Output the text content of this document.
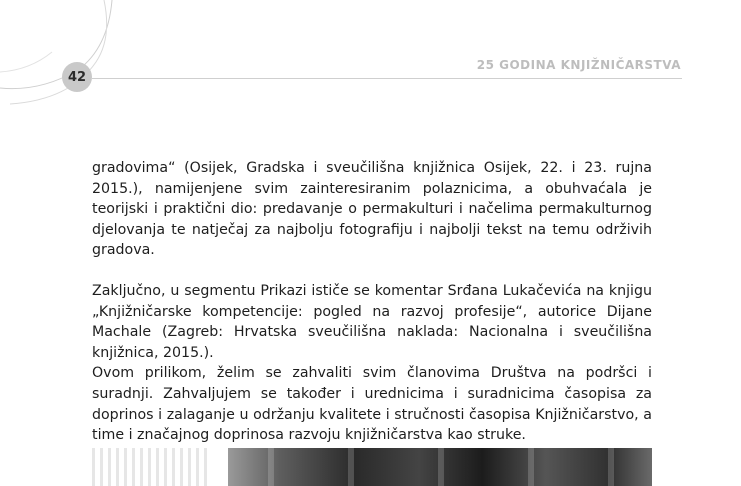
42
25 GODINA KNJIŽNIČARSTVA

gradovima“ (Osijek, Gradska i sveučilišna knjižnica Osijek, 22. i 23. rujna 2015.), namijenjene svim zainteresiranim polaznicima, a obuhvaćala je teorijski i praktični dio: predavanje o permakulturi i načelima permakulturnog djelovanja te natječaj za najbolju fotografiju i najbolji tekst na temu održivih gradova.

Zaključno, u segmentu Prikazi ističe se komentar Srđana Lukačevića na knjigu „Knjižničarske kompetencije: pogled na razvoj profesije“, autorice Dijane Machale (Zagreb: Hrvatska sveučilišna naklada: Nacionalna i sveučilišna knjižnica, 2015.).

Ovom prilikom, želim se zahvaliti svim članovima Društva na podršci i suradnji. Zahvaljujem se također i urednicima i suradnicima časopisa za doprinos i zalaganje u održanju kvalitete i stručnosti časopisa Knjižničarstvo, a time i značajnog doprinosa razvoju knjižničarstva kao struke.
